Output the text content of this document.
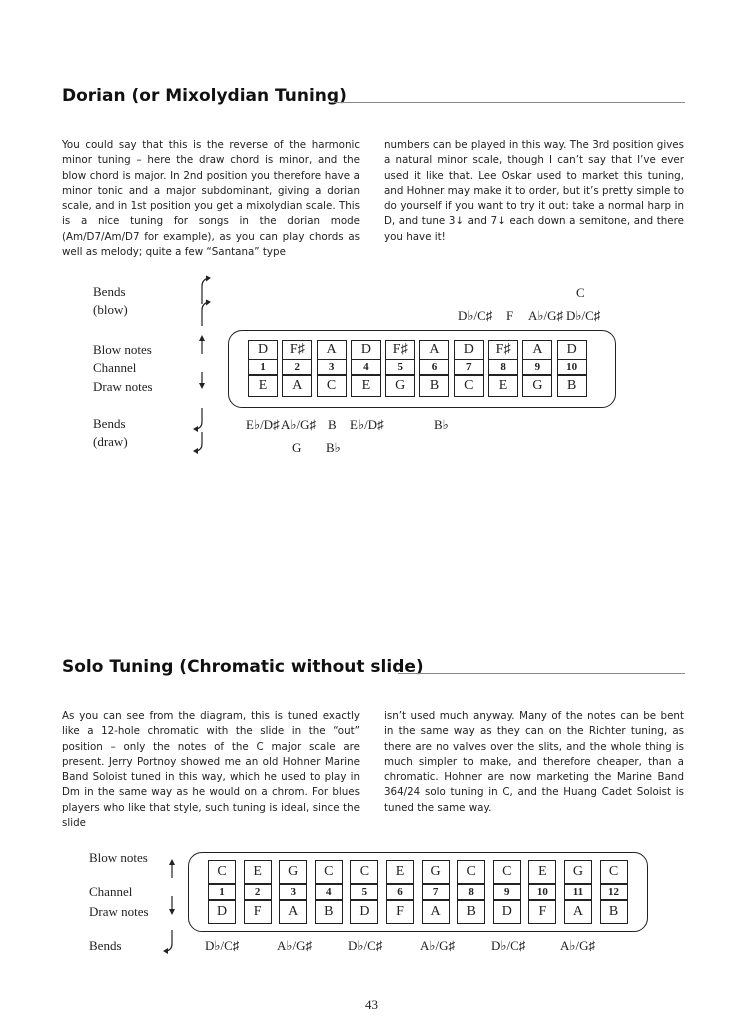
Dorian (or Mixolydian Tuning)

You could say that this is the reverse of the harmonic minor tuning – here the draw chord is minor, and the blow chord is major. In 2nd position you therefore have a minor tonic and a major subdominant, giving a dorian scale, and in 1st position you get a mixolydian scale. This is a nice tuning for songs in the dorian mode (Am/D7/Am/D7 for example), as you can play chords as well as melody; quite a few “Santana” type

numbers can be played in this way. The 3rd position gives a natural minor scale, though I can’t say that I’ve ever used it like that. Lee Oskar used to market this tuning, and Hohner may make it to order, but it’s pretty simple to do yourself if you want to try it out: take a normal harp in D, and tune 3↓ and 7↓ each down a semitone, and there you have it!

Bends
(blow)
Blow notes
Channel
Draw notes
Bends
(draw)
C
D♭/C♯ F A♭/G♯ D♭/C♯
D	F♯	A	D	F♯	A	D	F♯	A	D
1	2	3	4	5	6	7	8	9	10
E	A	C	E	G	B	C	E	G	B
E♭/D♯ A♭/G♯ B E♭/D♯	B♭
G B♭
Solo Tuning (Chromatic without slide)

As you can see from the diagram, this is tuned exactly like a 12-hole chromatic with the slide in the “out” position – only the notes of the C major scale are present. Jerry Portnoy showed me an old Hohner Marine Band Soloist tuned in this way, which he used to play in Dm in the same way as he would on a chrom. For blues players who like that style, such tuning is ideal, since the slide

isn’t used much anyway. Many of the notes can be bent in the same way as they can on the Richter tuning, as there are no valves over the slits, and the whole thing is much simpler to make, and therefore cheaper, than a chromatic. Hohner are now marketing the Marine Band 364/24 solo tuning in C, and the Huang Cadet Soloist is tuned the same way.

Blow notes
Channel
Draw notes
Bends
C	E	G	C	C	E	G	C	C	E	G	C
1	2	3	4	5	6	7	8	9	10	11	12
D	F	A	B	D	F	A	B	D	F	A	B
D♭/C♯	A♭/G♯	D♭/C♯	A♭/G♯	D♭/C♯	A♭/G♯
43
